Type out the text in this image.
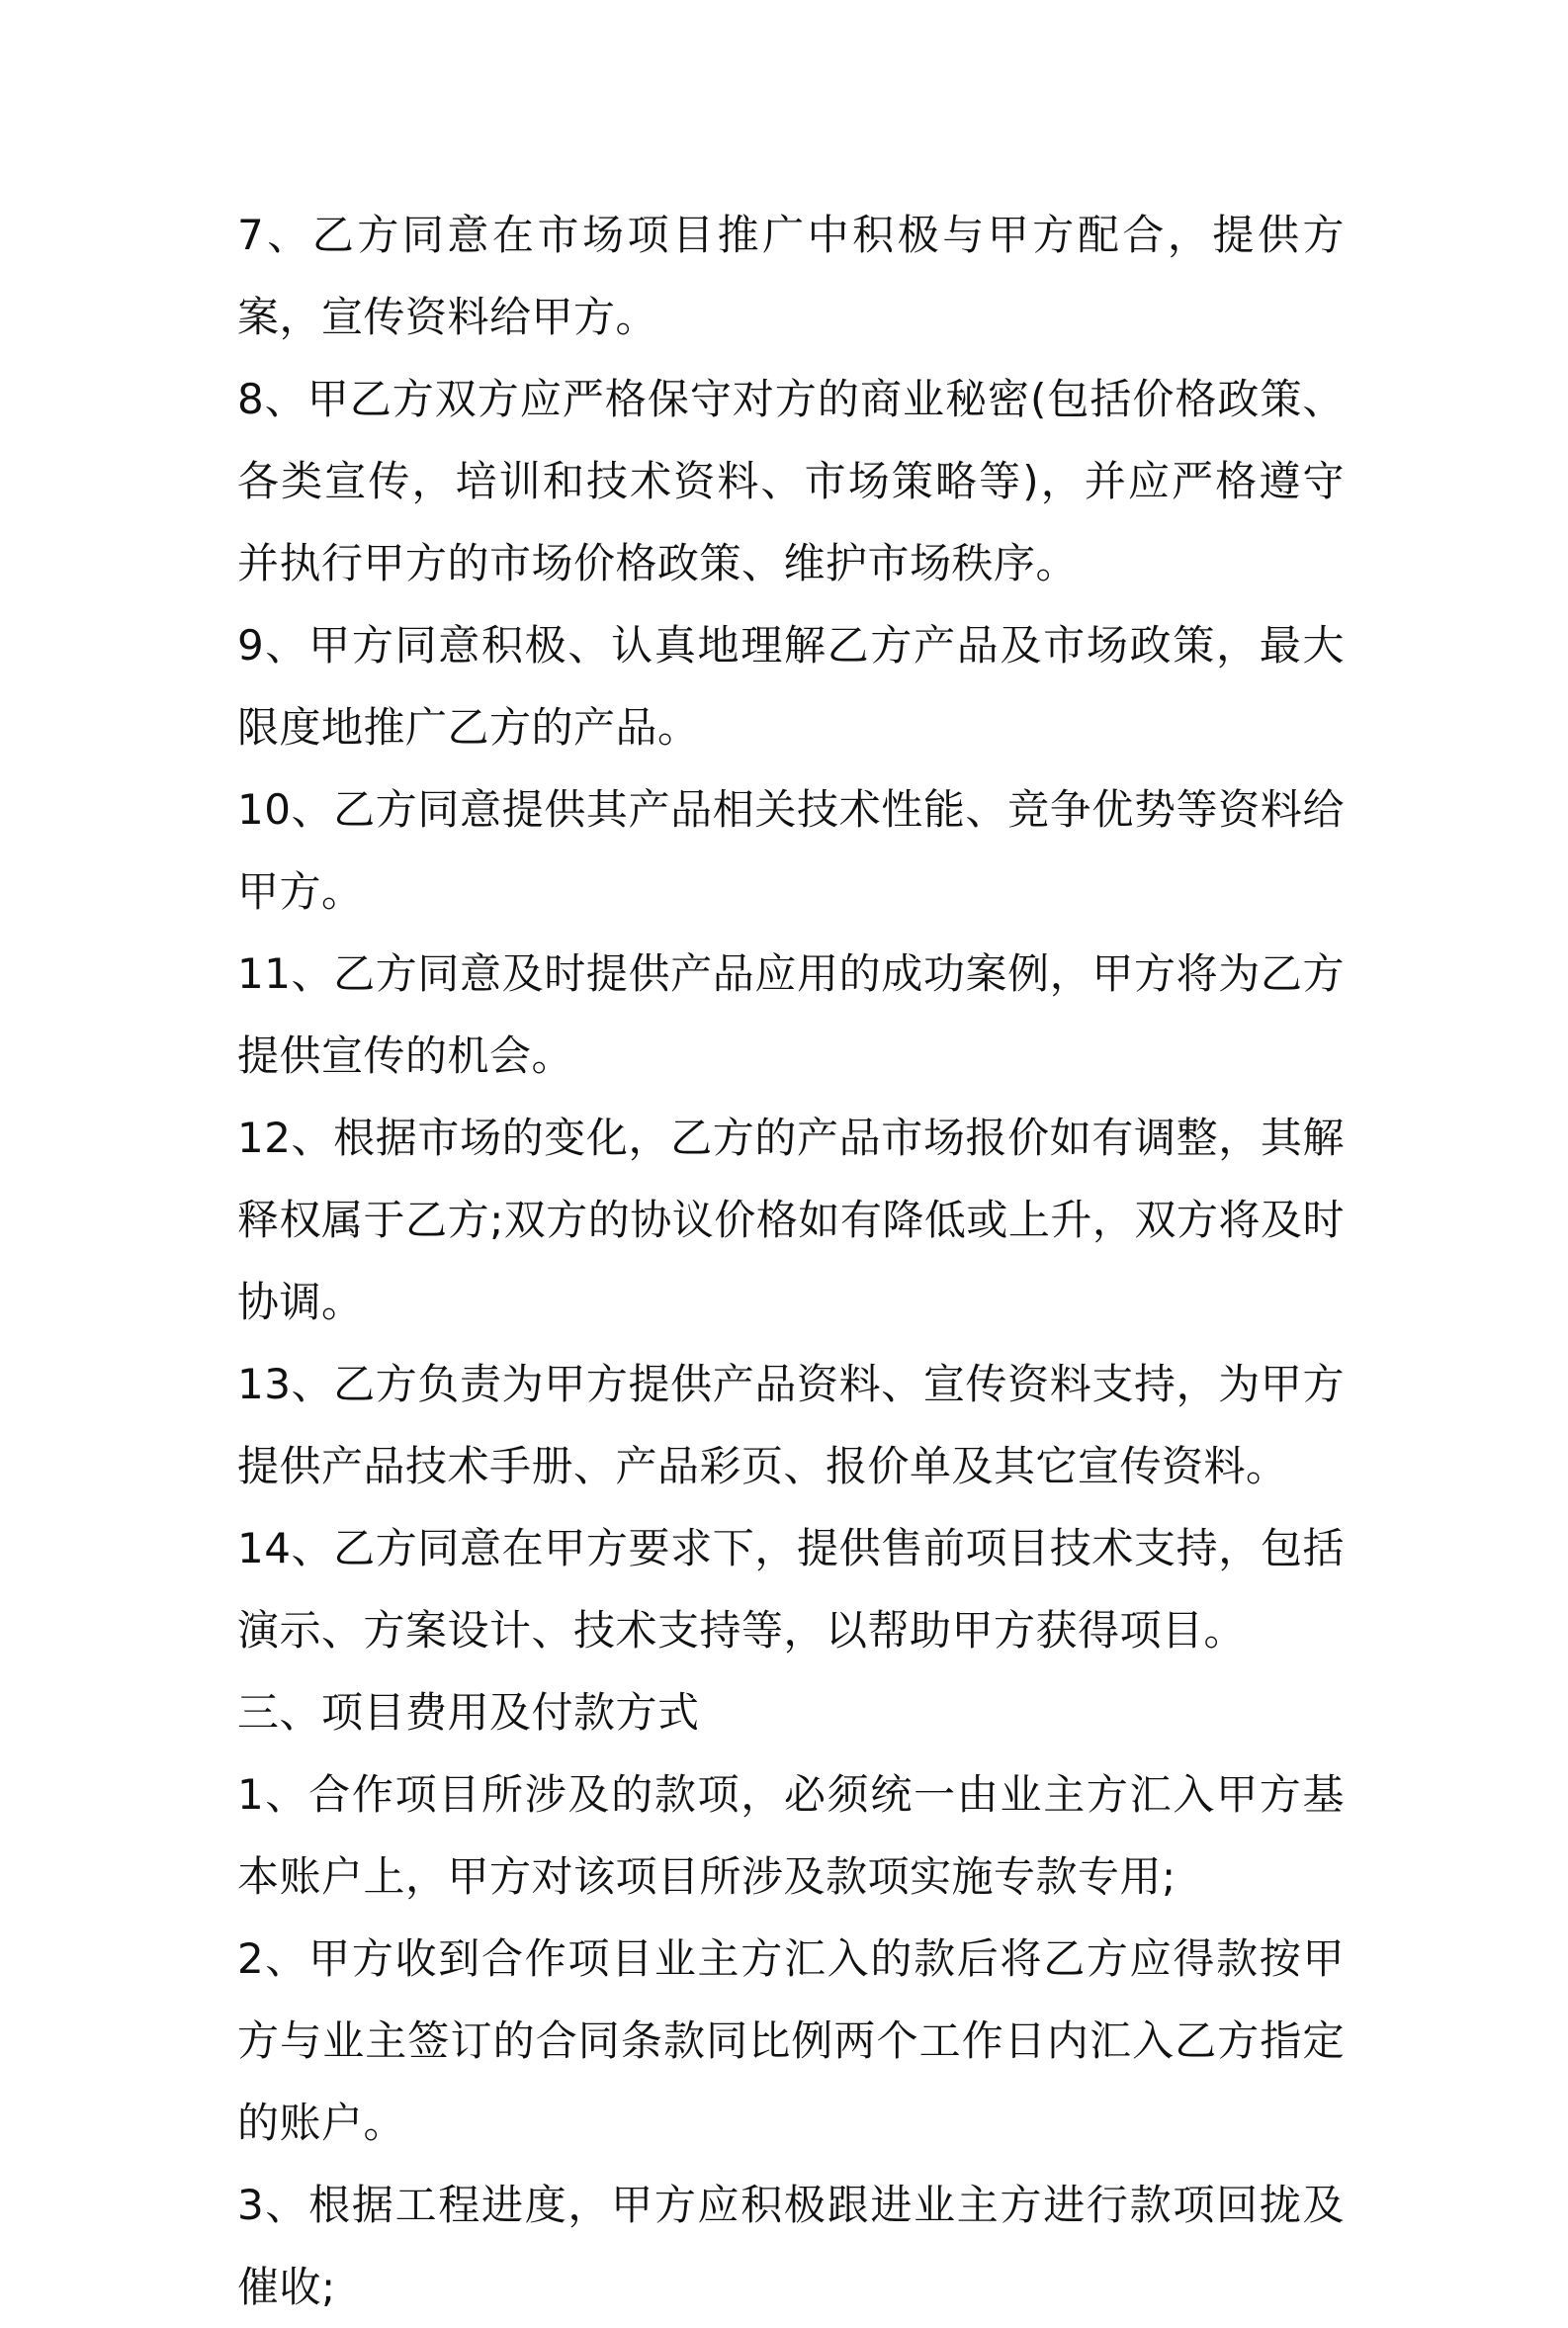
7、乙方同意在市场项目推广中积极与甲方配合，提供方案，宣传资料给甲方。

8、甲乙方双方应严格保守对方的商业秘密(包括价格政策、各类宣传，培训和技术资料、市场策略等)，并应严格遵守并执行甲方的市场价格政策、维护市场秩序。

9、甲方同意积极、认真地理解乙方产品及市场政策，最大限度地推广乙方的产品。

10、乙方同意提供其产品相关技术性能、竞争优势等资料给甲方。

11、乙方同意及时提供产品应用的成功案例，甲方将为乙方提供宣传的机会。

12、根据市场的变化，乙方的产品市场报价如有调整，其解释权属于乙方;双方的协议价格如有降低或上升，双方将及时协调。

13、乙方负责为甲方提供产品资料、宣传资料支持，为甲方提供产品技术手册、产品彩页、报价单及其它宣传资料。

14、乙方同意在甲方要求下，提供售前项目技术支持，包括演示、方案设计、技术支持等，以帮助甲方获得项目。

三、项目费用及付款方式

1、合作项目所涉及的款项，必须统一由业主方汇入甲方基本账户上，甲方对该项目所涉及款项实施专款专用;

2、甲方收到合作项目业主方汇入的款后将乙方应得款按甲方与业主签订的合同条款同比例两个工作日内汇入乙方指定的账户。

3、根据工程进度，甲方应积极跟进业主方进行款项回拢及催收;
